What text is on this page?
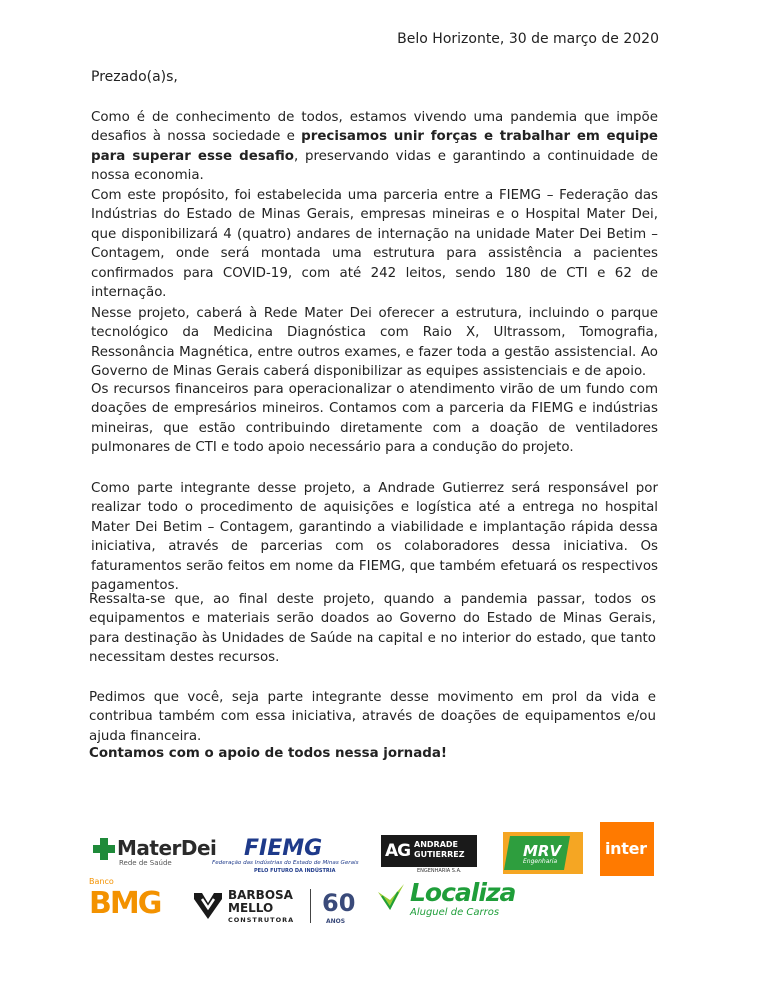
Belo Horizonte, 30 de março de 2020
Prezado(a)s,

Como é de conhecimento de todos, estamos vivendo uma pandemia que impõe desafios à nossa sociedade e precisamos unir forças e trabalhar em equipe para superar esse desafio, preservando vidas e garantindo a continuidade de nossa economia.

Com este propósito, foi estabelecida uma parceria entre a FIEMG – Federação das Indústrias do Estado de Minas Gerais, empresas mineiras e o Hospital Mater Dei, que disponibilizará 4 (quatro) andares de internação na unidade Mater Dei Betim – Contagem, onde será montada uma estrutura para assistência a pacientes confirmados para COVID-19, com até 242 leitos, sendo 180 de CTI e 62 de internação.

Nesse projeto, caberá à Rede Mater Dei oferecer a estrutura, incluindo o parque tecnológico da Medicina Diagnóstica com Raio X, Ultrassom, Tomografia, Ressonância Magnética, entre outros exames, e fazer toda a gestão assistencial. Ao Governo de Minas Gerais caberá disponibilizar as equipes assistenciais e de apoio.

Os recursos financeiros para operacionalizar o atendimento virão de um fundo com doações de empresários mineiros. Contamos com a parceria da FIEMG e indústrias mineiras, que estão contribuindo diretamente com a doação de ventiladores pulmonares de CTI e todo apoio necessário para a condução do projeto.

Como parte integrante desse projeto, a Andrade Gutierrez será responsável por realizar todo o procedimento de aquisições e logística até a entrega no hospital Mater Dei Betim – Contagem, garantindo a viabilidade e implantação rápida dessa iniciativa, através de parcerias com os colaboradores dessa iniciativa. Os faturamentos serão feitos em nome da FIEMG, que também efetuará os respectivos pagamentos.

Ressalta-se que, ao final deste projeto, quando a pandemia passar, todos os equipamentos e materiais serão doados ao Governo do Estado de Minas Gerais, para destinação às Unidades de Saúde na capital e no interior do estado, que tanto necessitam destes recursos.

Pedimos que você, seja parte integrante desse movimento em prol da vida e contribua também com essa iniciativa, através de doações de equipamentos e/ou ajuda financeira.

Contamos com o apoio de todos nessa jornada!
MaterDei
Rede de Saúde
FIEMG
Federação das Indústrias do Estado de Minas Gerais
PELO FUTURO DA INDÚSTRIA
AG ANDRADE
GUTIERREZ
ENGENHARIA S.A.
MRV
Engenharia
inter
Banco
BMG	BARBOSA
MELLO
CONSTRUTORA
60
ANOS
Localiza
Aluguel de Carros
